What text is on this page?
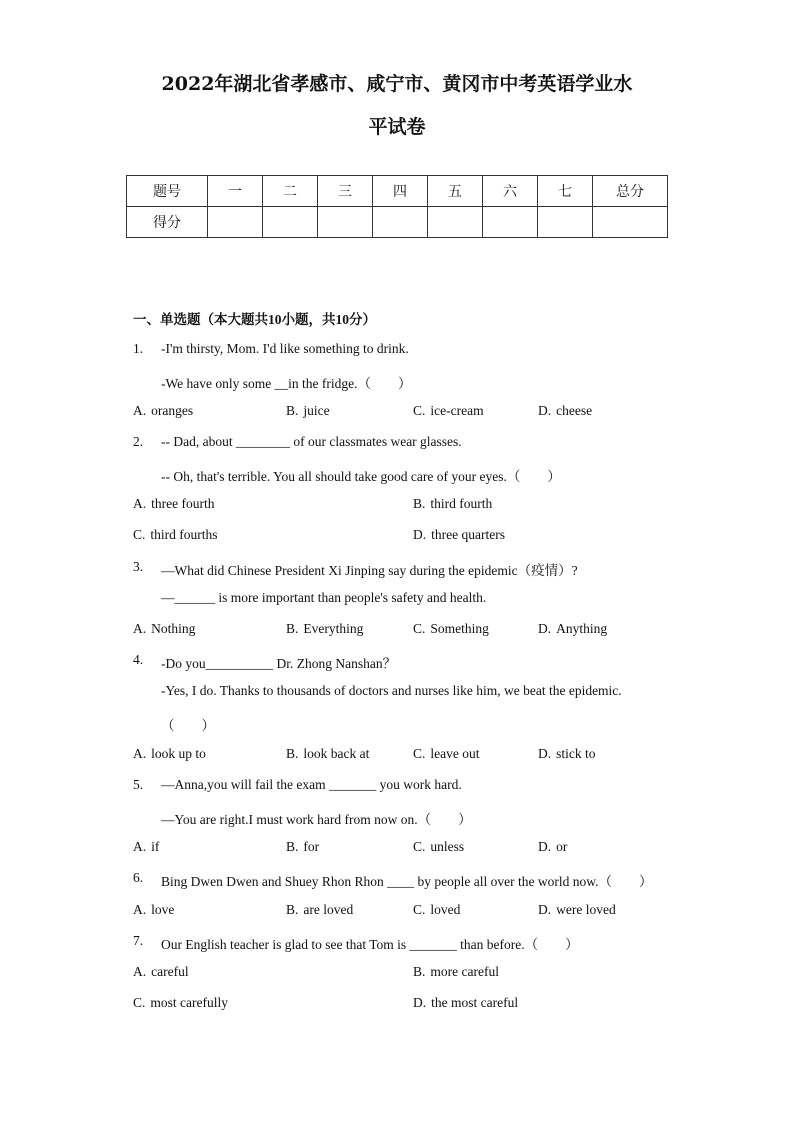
2022年湖北省孝感市、咸宁市、黄冈市中考英语学业水
平试卷
题号	一	二	三	四	五	六	七	总分
得分								
一、单选题（本大题共10小题，共10分）
1. -I'm thirsty, Mom. I'd like something to drink.
-We have only some __in the fridge.（　　）
A. oranges	B. juice	C. ice-cream	D. cheese
2. -- Dad, about ________ of our classmates wear glasses.
-- Oh, that's terrible. You all should take good care of your eyes.（　　）
A. three fourth	B. third fourth
C. third fourths	D. three quarters
3. —What did Chinese President Xi Jinping say during the epidemic（疫情）?
—______ is more important than people's safety and health.
A. Nothing	B. Everything	C. Something	D. Anything
4. -Do you__________ Dr. Zhong Nanshan？
-Yes, I do. Thanks to thousands of doctors and nurses like him, we beat the epidemic.
（　　）
A. look up to	B. look back at	C. leave out	D. stick to
5. —Anna,you will fail the exam _______ you work hard.
—You are right.I must work hard from now on.（　　）
A. if	B. for	C. unless	D. or
6. Bing Dwen Dwen and Shuey Rhon Rhon ____ by people all over the world now.（　　）
A. love	B. are loved	C. loved	D. were loved
7. Our English teacher is glad to see that Tom is _______ than before.（　　）
A. careful	B. more careful
C. most carefully	D. the most careful
